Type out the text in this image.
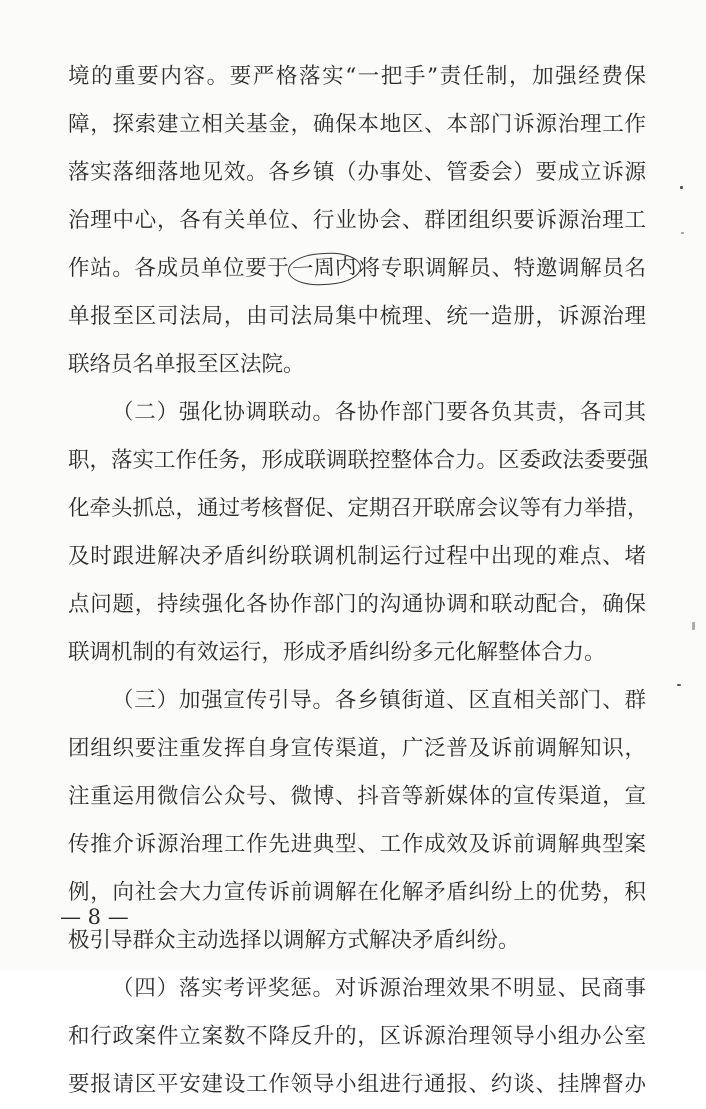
境的重要内容。要严格落实“一把手”责任制，加强经费保
障，探索建立相关基金，确保本地区、本部门诉源治理工作
落实落细落地见效。各乡镇（办事处、管委会）要成立诉源
治理中心，各有关单位、行业协会、群团组织要诉源治理工
作站。各成员单位要于一周内将专职调解员、特邀调解员名
单报至区司法局，由司法局集中梳理、统一造册，诉源治理
联络员名单报至区法院。
（二）强化协调联动。各协作部门要各负其责，各司其
职，落实工作任务，形成联调联控整体合力。区委政法委要强
化牵头抓总，通过考核督促、定期召开联席会议等有力举措，
及时跟进解决矛盾纠纷联调机制运行过程中出现的难点、堵
点问题，持续强化各协作部门的沟通协调和联动配合，确保
联调机制的有效运行，形成矛盾纠纷多元化解整体合力。
（三）加强宣传引导。各乡镇街道、区直相关部门、群
团组织要注重发挥自身宣传渠道，广泛普及诉前调解知识，
注重运用微信公众号、微博、抖音等新媒体的宣传渠道，宣
传推介诉源治理工作先进典型、工作成效及诉前调解典型案
例，向社会大力宣传诉前调解在化解矛盾纠纷上的优势，积
极引导群众主动选择以调解方式解决矛盾纠纷。
（四）落实考评奖惩。对诉源治理效果不明显、民商事
和行政案件立案数不降反升的，区诉源治理领导小组办公室
要报请区平安建设工作领导小组进行通报、约谈、挂牌督办
— 8 —
